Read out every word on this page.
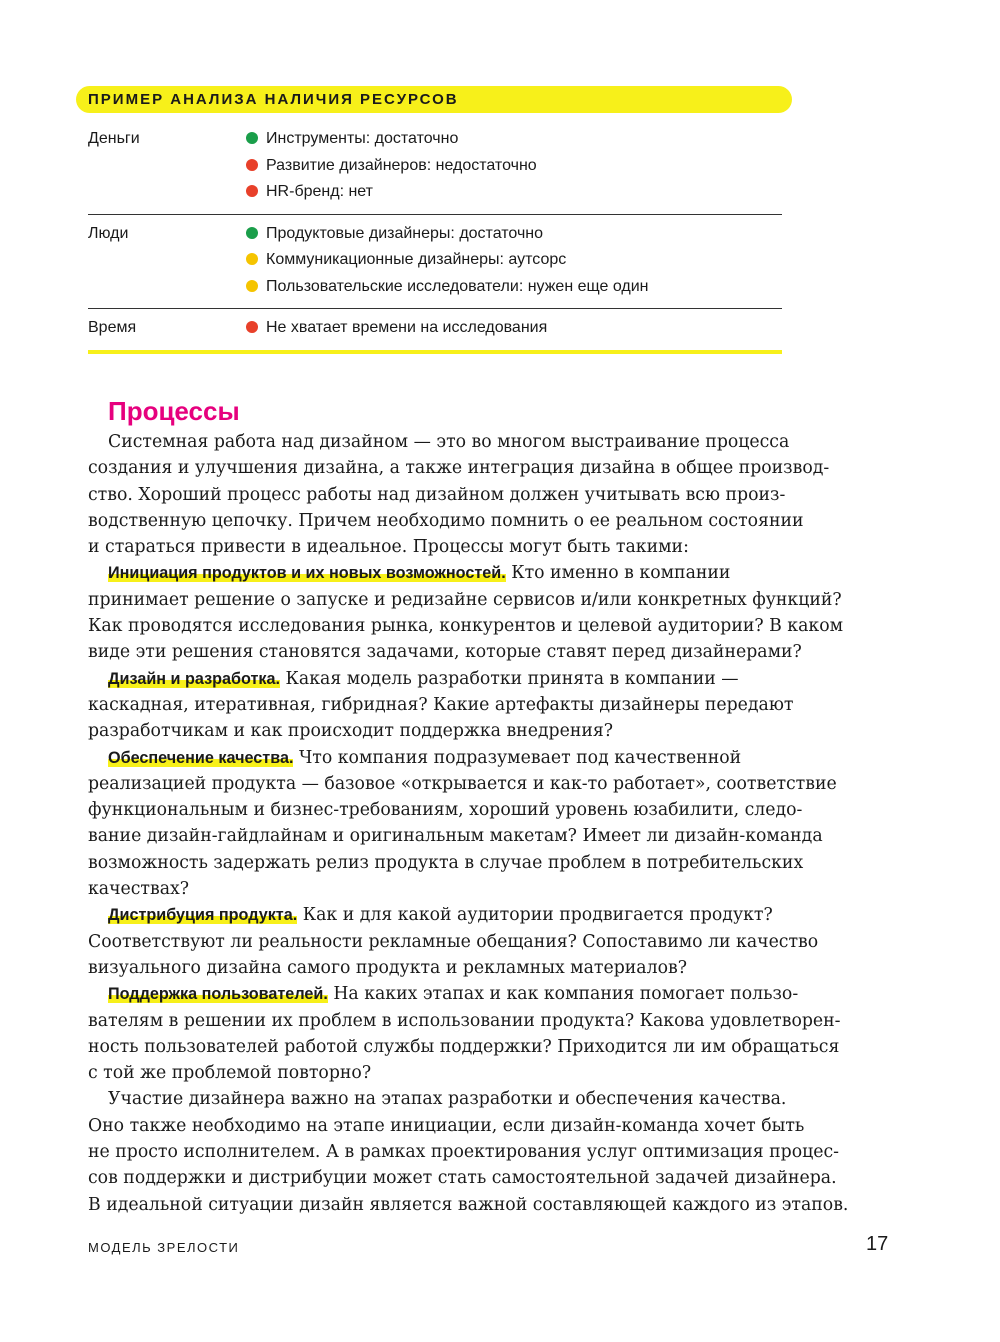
ПРИМЕР АНАЛИЗА НАЛИЧИЯ РЕСУРСОВ
Деньги	Инструменты: достаточно
Развитие дизайнеров: недостаточно
HR-бренд: нет
Люди	Продуктовые дизайнеры: достаточно
Коммуникационные дизайнеры: аутсорс
Пользовательские исследователи: нужен еще один
Время	Не хватает времени на исследования
Процессы
Системная работа над дизайном — это во многом выстраивание процесса
создания и улучшения дизайна, а также интеграция дизайна в общее производ-
ство. Хороший процесс работы над дизайном должен учитывать всю произ-
водственную цепочку. Причем необходимо помнить о ее реальном состоянии
и стараться привести в идеальное. Процессы могут быть такими:
Инициация продуктов и их новых возможностей. Кто именно в компании
принимает решение о запуске и редизайне сервисов и/или конкретных функций?
Как проводятся исследования рынка, конкурентов и целевой аудитории? В каком
виде эти решения становятся задачами, которые ставят перед дизайнерами?
Дизайн и разработка. Какая модель разработки принята в компании —
каскадная, итеративная, гибридная? Какие артефакты дизайнеры передают
разработчикам и как происходит поддержка внедрения?
Обеспечение качества. Что компания подразумевает под качественной
реализацией продукта — базовое «открывается и как-то работает», соответствие
функциональным и бизнес-требованиям, хороший уровень юзабилити, следо-
вание дизайн-гайдлайнам и оригинальным макетам? Имеет ли дизайн-команда
возможность задержать релиз продукта в случае проблем в потребительских
качествах?
Дистрибуция продукта. Как и для какой аудитории продвигается продукт?
Соответствуют ли реальности рекламные обещания? Сопоставимо ли качество
визуального дизайна самого продукта и рекламных материалов?
Поддержка пользователей. На каких этапах и как компания помогает пользо-
вателям в решении их проблем в использовании продукта? Какова удовлетворен-
ность пользователей работой службы поддержки? Приходится ли им обращаться
с той же проблемой повторно?
Участие дизайнера важно на этапах разработки и обеспечения качества.
Оно также необходимо на этапе инициации, если дизайн-команда хочет быть
не просто исполнителем. А в рамках проектирования услуг оптимизация процес-
сов поддержки и дистрибуции может стать самостоятельной задачей дизайнера.
В идеальной ситуации дизайн является важной составляющей каждого из этапов.
МОДЕЛЬ ЗРЕЛОСТИ	17
